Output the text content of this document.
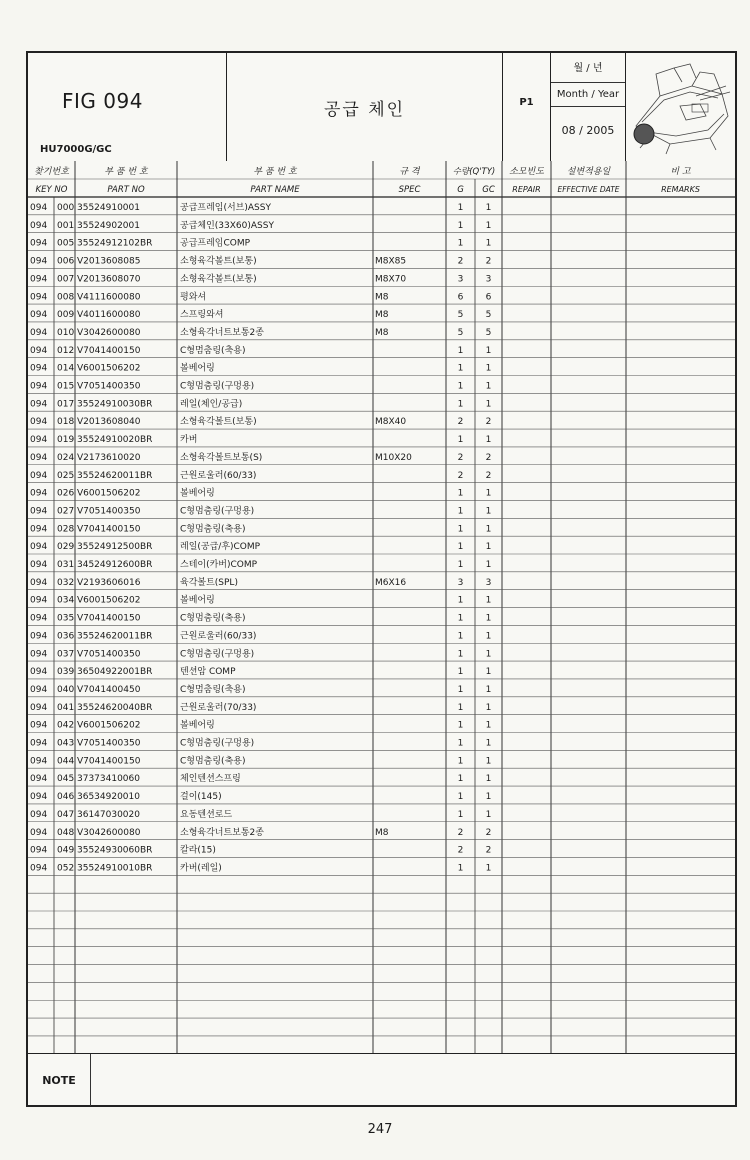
FIG 094
HU7000G/GC
공급 체인	P1
월 / 년
Month / Year
08 / 2005
찾기번호
KEY NO
부 품 번 호
PART NO
부 품 번 호
PART NAME
규 격
SPEC
수량(Q'TY)
G GC
소모빈도
REPAIR
설변적용일
EFFECTIVE DATE
비 고
REMARKS
094 000 35524910001	공급프레임(서브)ASSY	1 1
094 001 35524902001	공급체인(33X60)ASSY	1 1
094 005 35524912102BR	공급프레임COMP	1 1
094 006 V2013608085	소형육각볼트(보통)	M8X85	2 2
094 007 V2013608070	소형육각볼트(보통)	M8X70	3 3
094 008 V4111600080	평와셔	M8	6 6
094 009 V4011600080	스프링와셔	M8	5 5
094 010 V3042600080	소형육각너트보통2종	M8	5 5
094 012 V7041400150	C형멈춤링(축용)	1 1
094 014 V6001506202	볼베어링	1 1
094 015 V7051400350	C형멈춤링(구멍용)	1 1
094 017 35524910030BR	레일(체인/공급)	1 1
094 018 V2013608040	소형육각볼트(보통)	M8X40	2 2
094 019 35524910020BR	카버	1 1
094 024 V2173610020	소형육각볼트보통(S)	M10X20	2 2
094 025 35524620011BR	근원로울러(60/33)	2 2
094 026 V6001506202	볼베어링	1 1
094 027 V7051400350	C형멈춤링(구멍용)	1 1
094 028 V7041400150	C형멈춤링(축용)	1 1
094 029 35524912500BR	레일(공급/후)COMP	1 1
094 031 34524912600BR	스테이(카버)COMP	1 1
094 032 V2193606016	육각볼트(SPL)	M6X16	3 3
094 034 V6001506202	볼베어링	1 1
094 035 V7041400150	C형멈춤링(축용)	1 1
094 036 35524620011BR	근원로울러(60/33)	1 1
094 037 V7051400350	C형멈춤링(구멍용)	1 1
094 039 36504922001BR	텐션암 COMP	1 1
094 040 V7041400450	C형멈춤링(축용)	1 1
094 041 35524620040BR	근원로울러(70/33)	1 1
094 042 V6001506202	볼베어링	1 1
094 043 V7051400350	C형멈춤링(구멍용)	1 1
094 044 V7041400150	C형멈춤링(축용)	1 1
094 045 37373410060	체인텐션스프링	1 1
094 046 36534920010	걸이(145)	1 1
094 047 36147030020	요동텐션로드	1 1
094 048 V3042600080	소형육각너트보통2종	M8	2 2
094 049 35524930060BR	칼라(15)	2 2
094 052 35524910010BR	카버(레일)	1 1
NOTE
247
